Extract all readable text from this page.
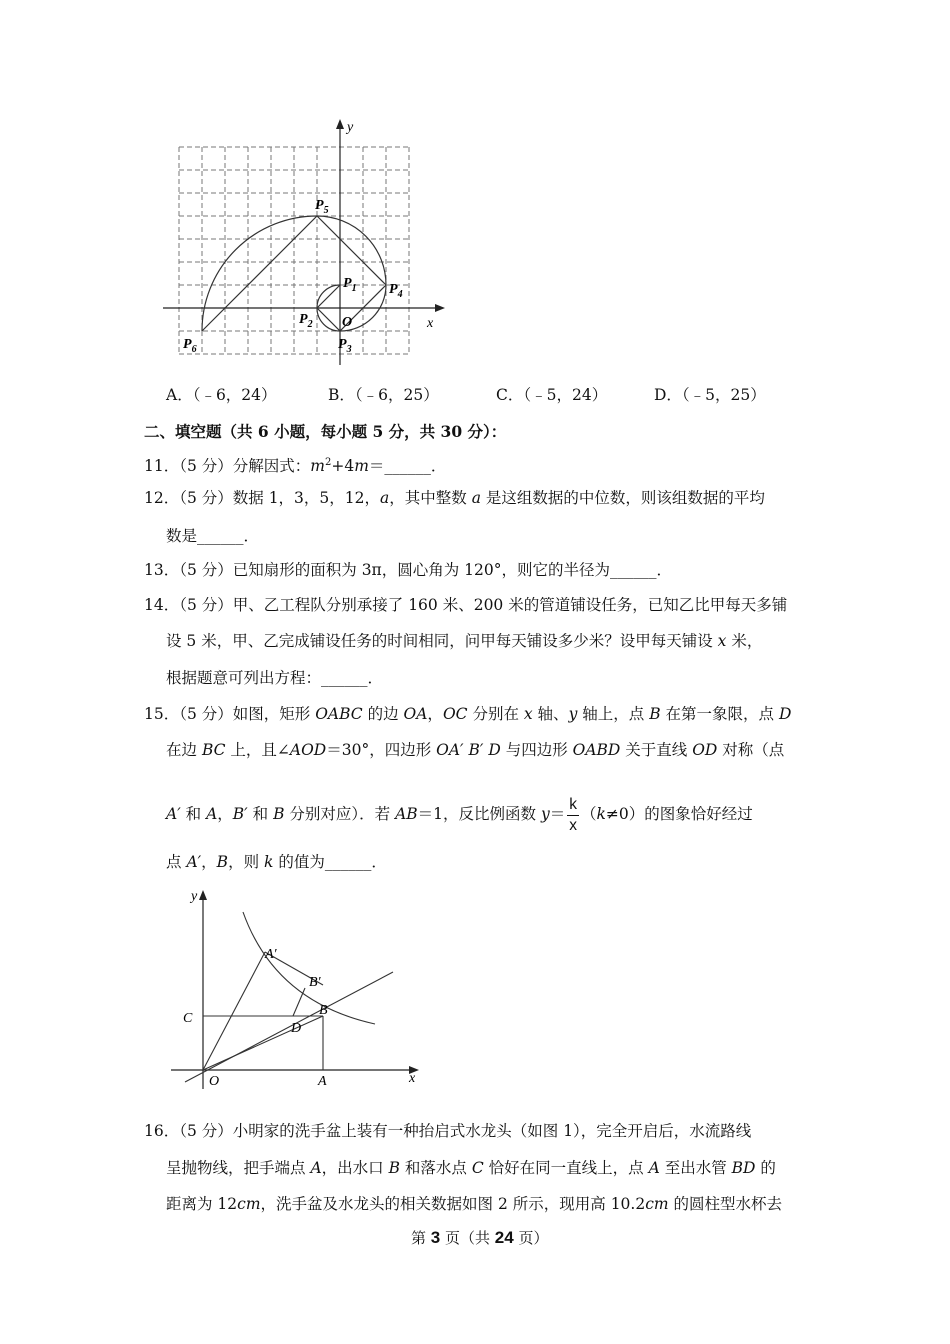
y
x
O
$P_1$
$P_2$
$P_3$
$P_4$
$P_5$
$P_6$
A．（﹣6，24）	B．（﹣6，25）	C．（﹣5，24）	D．（﹣5，25）
二、填空题（共 6 小题，每小题 5 分，共 30 分）：
11．（5 分）分解因式：$m^2+4m=\_\_\_\_\_\_$．
12．（5 分）数据 1，3，5，12，a，其中整数 a 是这组数据的中位数，则该组数据的平均
数是______．
13．（5 分）已知扇形的面积为 3π，圆心角为 120°，则它的半径为______．
14．（5 分）甲、乙工程队分别承接了 160 米、200 米的管道铺设任务，已知乙比甲每天多铺
设 5 米，甲、乙完成铺设任务的时间相同，问甲每天铺设多少米？设甲每天铺设 x 米，
根据题意可列出方程：______．
15．（5 分）如图，矩形 OABC 的边 OA，OC 分别在 x 轴、y 轴上，点 B 在第一象限，点 D
在边 BC 上，且∠AOD＝30°，四边形 OA′ B′ D 与四边形 OABD 关于直线 OD 对称（点
A′ 和 A，B′ 和 B 分别对应）．若 AB＝1，反比例函数 $y= \frac{k}{x} (k\ne 0)$的图象恰好经过
点 A′，B，则 k 的值为______．
y
x
O	A
C
D
B
A′
B′
16．（5 分）小明家的洗手盆上装有一种抬启式水龙头（如图 1），完全开启后，水流路线
呈抛物线，把手端点 A，出水口 B 和落水点 C 恰好在同一直线上，点 A 至出水管 BD 的
距离为 12cm，洗手盆及水龙头的相关数据如图 2 所示，现用高 10.2cm 的圆柱型水杯去
第 3 页（共 24 页）
